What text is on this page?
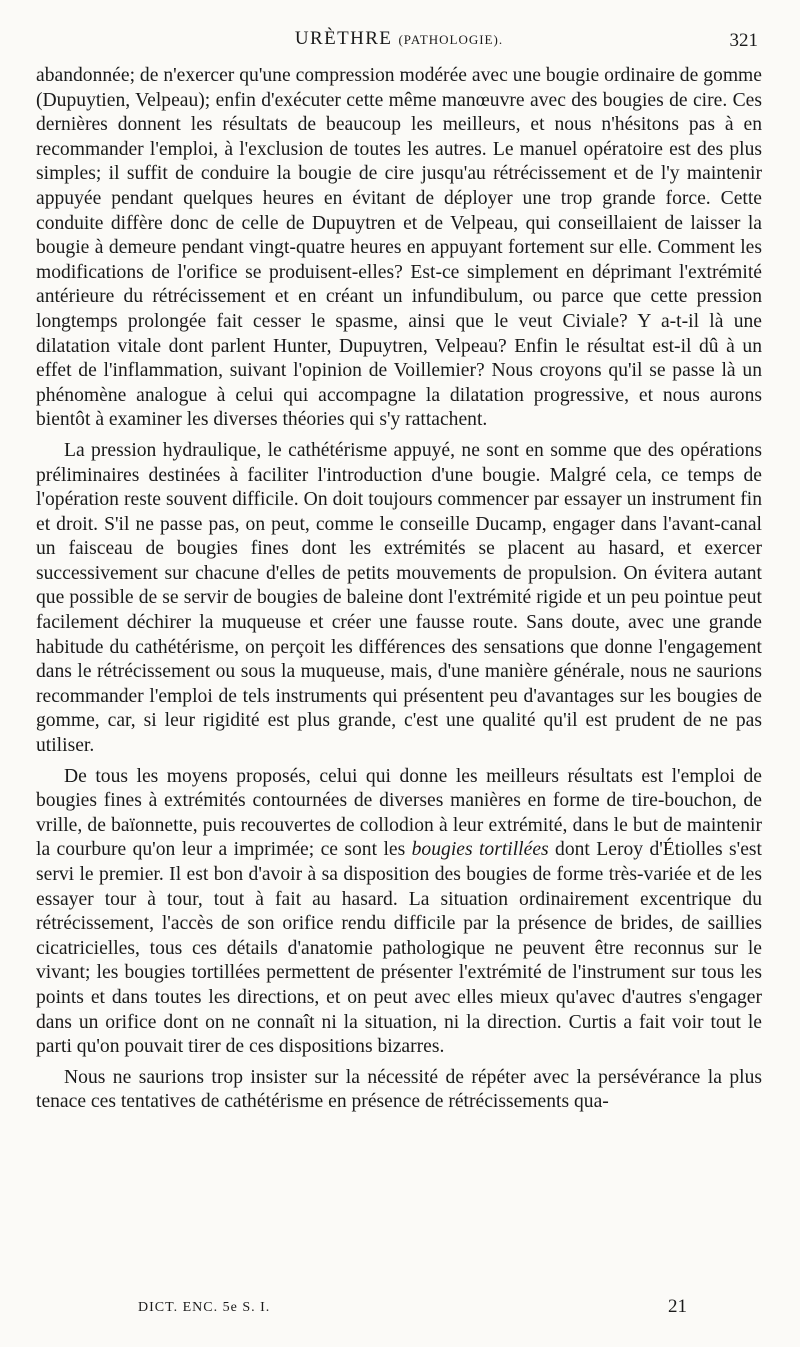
URÈTHRE (PATHOLOGIE).	321

abandonnée; de n'exercer qu'une compression modérée avec une bougie ordinaire de gomme (Dupuytien, Velpeau); enfin d'exécuter cette même manœuvre avec des bougies de cire. Ces dernières donnent les résultats de beaucoup les meilleurs, et nous n'hésitons pas à en recommander l'emploi, à l'exclusion de toutes les autres. Le manuel opératoire est des plus simples; il suffit de conduire la bougie de cire jusqu'au rétrécissement et de l'y maintenir appuyée pendant quelques heures en évitant de déployer une trop grande force. Cette conduite diffère donc de celle de Dupuytren et de Velpeau, qui conseillaient de laisser la bougie à demeure pendant vingt-quatre heures en appuyant fortement sur elle. Comment les modifications de l'orifice se produisent-elles? Est-ce simplement en déprimant l'extrémité antérieure du rétrécissement et en créant un infundibulum, ou parce que cette pression longtemps prolongée fait cesser le spasme, ainsi que le veut Civiale? Y a-t-il là une dilatation vitale dont parlent Hunter, Dupuytren, Velpeau? Enfin le résultat est-il dû à un effet de l'inflammation, suivant l'opinion de Voillemier? Nous croyons qu'il se passe là un phénomène analogue à celui qui accompagne la dilatation progressive, et nous aurons bientôt à examiner les diverses théories qui s'y rattachent.

La pression hydraulique, le cathétérisme appuyé, ne sont en somme que des opérations préliminaires destinées à faciliter l'introduction d'une bougie. Malgré cela, ce temps de l'opération reste souvent difficile. On doit toujours commencer par essayer un instrument fin et droit. S'il ne passe pas, on peut, comme le conseille Ducamp, engager dans l'avant-canal un faisceau de bougies fines dont les extrémités se placent au hasard, et exercer successivement sur chacune d'elles de petits mouvements de propulsion. On évitera autant que possible de se servir de bougies de baleine dont l'extrémité rigide et un peu pointue peut facilement déchirer la muqueuse et créer une fausse route. Sans doute, avec une grande habitude du cathétérisme, on perçoit les différences des sensations que donne l'engagement dans le rétrécissement ou sous la muqueuse, mais, d'une manière générale, nous ne saurions recommander l'emploi de tels instruments qui présentent peu d'avantages sur les bougies de gomme, car, si leur rigidité est plus grande, c'est une qualité qu'il est prudent de ne pas utiliser.

De tous les moyens proposés, celui qui donne les meilleurs résultats est l'emploi de bougies fines à extrémités contournées de diverses manières en forme de tire-bouchon, de vrille, de baïonnette, puis recouvertes de collodion à leur extrémité, dans le but de maintenir la courbure qu'on leur a imprimée; ce sont les bougies tortillées dont Leroy d'Étiolles s'est servi le premier. Il est bon d'avoir à sa disposition des bougies de forme très-variée et de les essayer tour à tour, tout à fait au hasard. La situation ordinairement excentrique du rétrécissement, l'accès de son orifice rendu difficile par la présence de brides, de saillies cicatricielles, tous ces détails d'anatomie pathologique ne peuvent être reconnus sur le vivant; les bougies tortillées permettent de présenter l'extrémité de l'instrument sur tous les points et dans toutes les directions, et on peut avec elles mieux qu'avec d'autres s'engager dans un orifice dont on ne connaît ni la situation, ni la direction. Curtis a fait voir tout le parti qu'on pouvait tirer de ces dispositions bizarres.

Nous ne saurions trop insister sur la nécessité de répéter avec la persévérance la plus tenace ces tentatives de cathétérisme en présence de rétrécissements qua-

DICT. ENC. 5e S. I.	21
